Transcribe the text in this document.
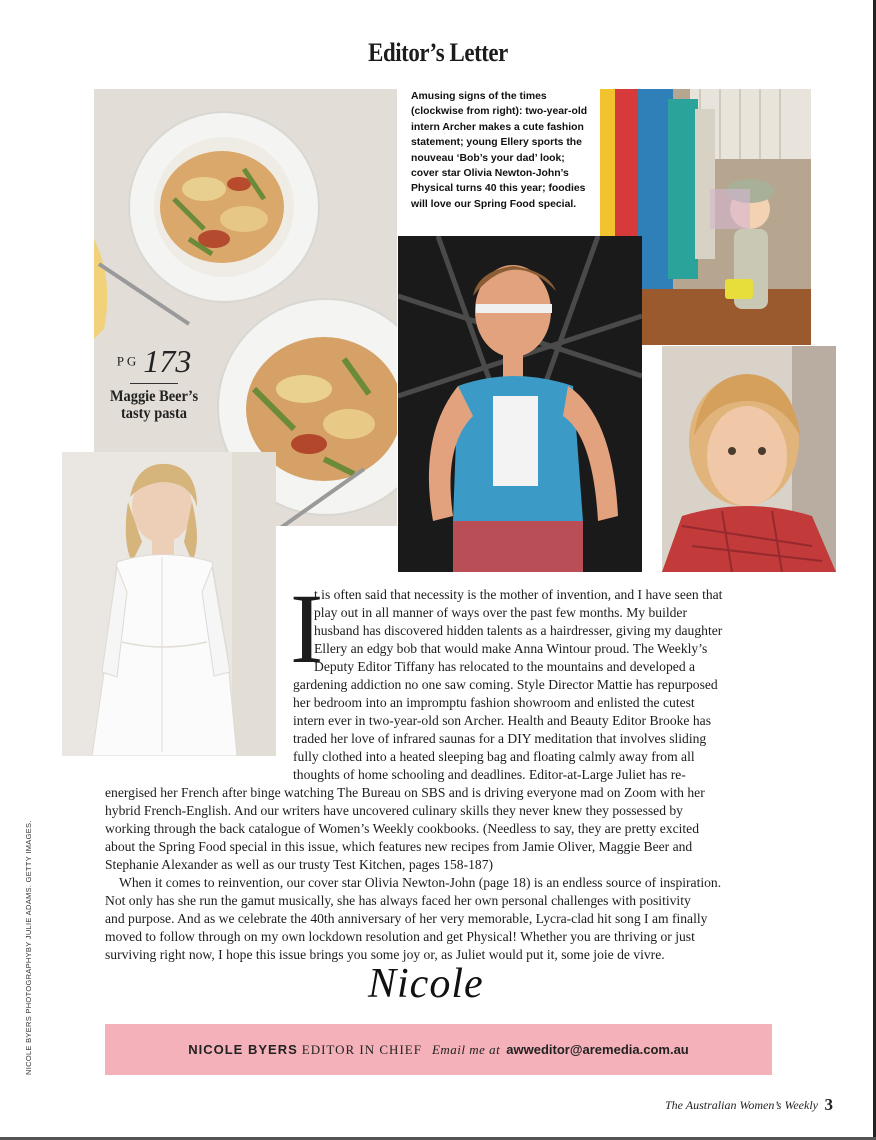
Editor’s Letter
PG 173
Maggie Beer’s tasty pasta
Amusing signs of the times (clockwise from right): two-year-old intern Archer makes a cute fashion statement; young Ellery sports the nouveau ‘Bob’s your dad’ look; cover star Olivia Newton-John’s Physical turns 40 this year; foodies will love our Spring Food special.
I
t is often said that necessity is the mother of invention, and I have seen that
play out in all manner of ways over the past few months. My builder
husband has discovered hidden talents as a hairdresser, giving my daughter
Ellery an edgy bob that would make Anna Wintour proud. The Weekly’s
Deputy Editor Tiffany has relocated to the mountains and developed a
gardening addiction no one saw coming. Style Director Mattie has repurposed
her bedroom into an impromptu fashion showroom and enlisted the cutest
intern ever in two-year-old son Archer. Health and Beauty Editor Brooke has
traded her love of infrared saunas for a DIY meditation that involves sliding
fully clothed into a heated sleeping bag and floating calmly away from all
thoughts of home schooling and deadlines. Editor-at-Large Juliet has re-
energised her French after binge watching The Bureau on SBS and is driving everyone mad on Zoom with her
hybrid French-English. And our writers have uncovered culinary skills they never knew they possessed by
working through the back catalogue of Women’s Weekly cookbooks. (Needless to say, they are pretty excited
about the Spring Food special in this issue, which features new recipes from Jamie Oliver, Maggie Beer and
Stephanie Alexander as well as our trusty Test Kitchen, pages 158-187)
When it comes to reinvention, our cover star Olivia Newton-John (page 18) is an endless source of inspiration.
Not only has she run the gamut musically, she has always faced her own personal challenges with positivity
and purpose. And as we celebrate the 40th anniversary of her very memorable, Lycra-clad hit song I am finally
moved to follow through on my own lockdown resolution and get Physical! Whether you are thriving or just
surviving right now, I hope this issue brings you some joy or, as Juliet would put it, some joie de vivre.
Nicole
NICOLE BYERS EDITOR IN CHIEF Email me at awweditor@aremedia.com.au
NICOLE BYERS PHOTOGRAPHYBY JULIE ADAMS. GETTY IMAGES.
The Australian Women’s Weekly 3
